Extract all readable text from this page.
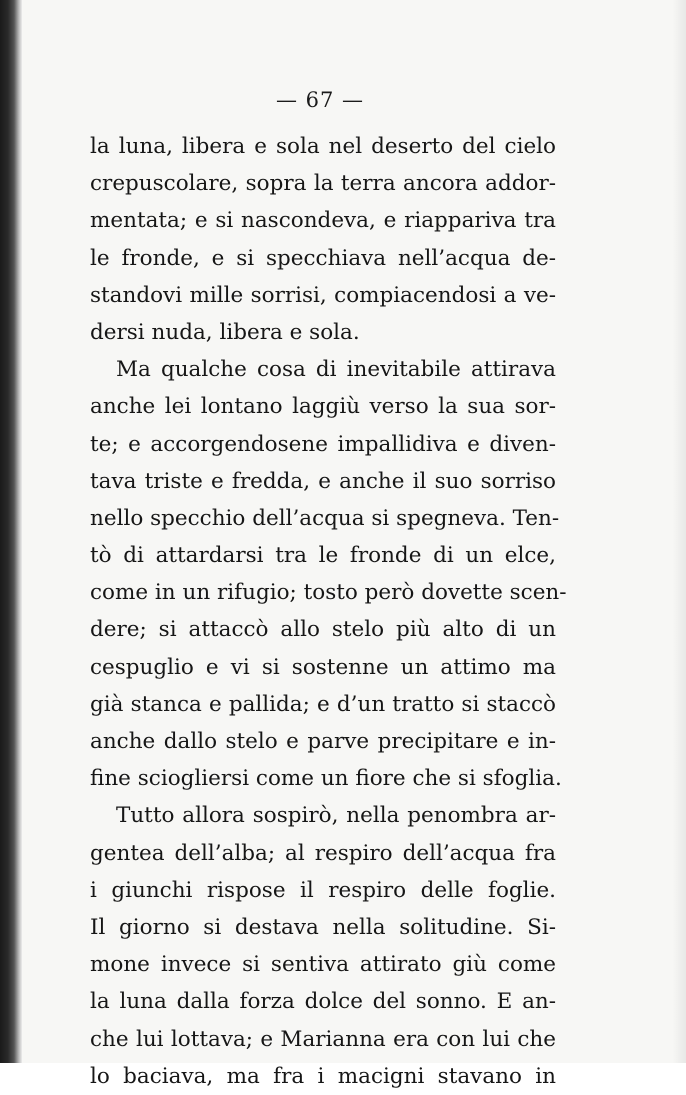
— 67 —
la luna, libera e sola nel deserto del cielo
crepuscolare, sopra la terra ancora addor-
mentata; e si nascondeva, e riappariva tra
le fronde, e si specchiava nell’acqua de-
standovi mille sorrisi, compiacendosi a ve-
dersi nuda, libera e sola.
Ma qualche cosa di inevitabile attirava
anche lei lontano laggiù verso la sua sor-
te; e accorgendosene impallidiva e diven-
tava triste e fredda, e anche il suo sorriso
nello specchio dell’acqua si spegneva. Ten-
tò di attardarsi tra le fronde di un elce,
come in un rifugio; tosto però dovette scen-
dere; si attaccò allo stelo più alto di un
cespuglio e vi si sostenne un attimo ma
già stanca e pallida; e d’un tratto si staccò
anche dallo stelo e parve precipitare e in-
fine sciogliersi come un fiore che si sfoglia.
Tutto allora sospirò, nella penombra ar-
gentea dell’alba; al respiro dell’acqua fra
i giunchi rispose il respiro delle foglie.
Il giorno si destava nella solitudine. Si-
mone invece si sentiva attirato giù come
la luna dalla forza dolce del sonno. E an-
che lui lottava; e Marianna era con lui che
lo baciava, ma fra i macigni stavano in
